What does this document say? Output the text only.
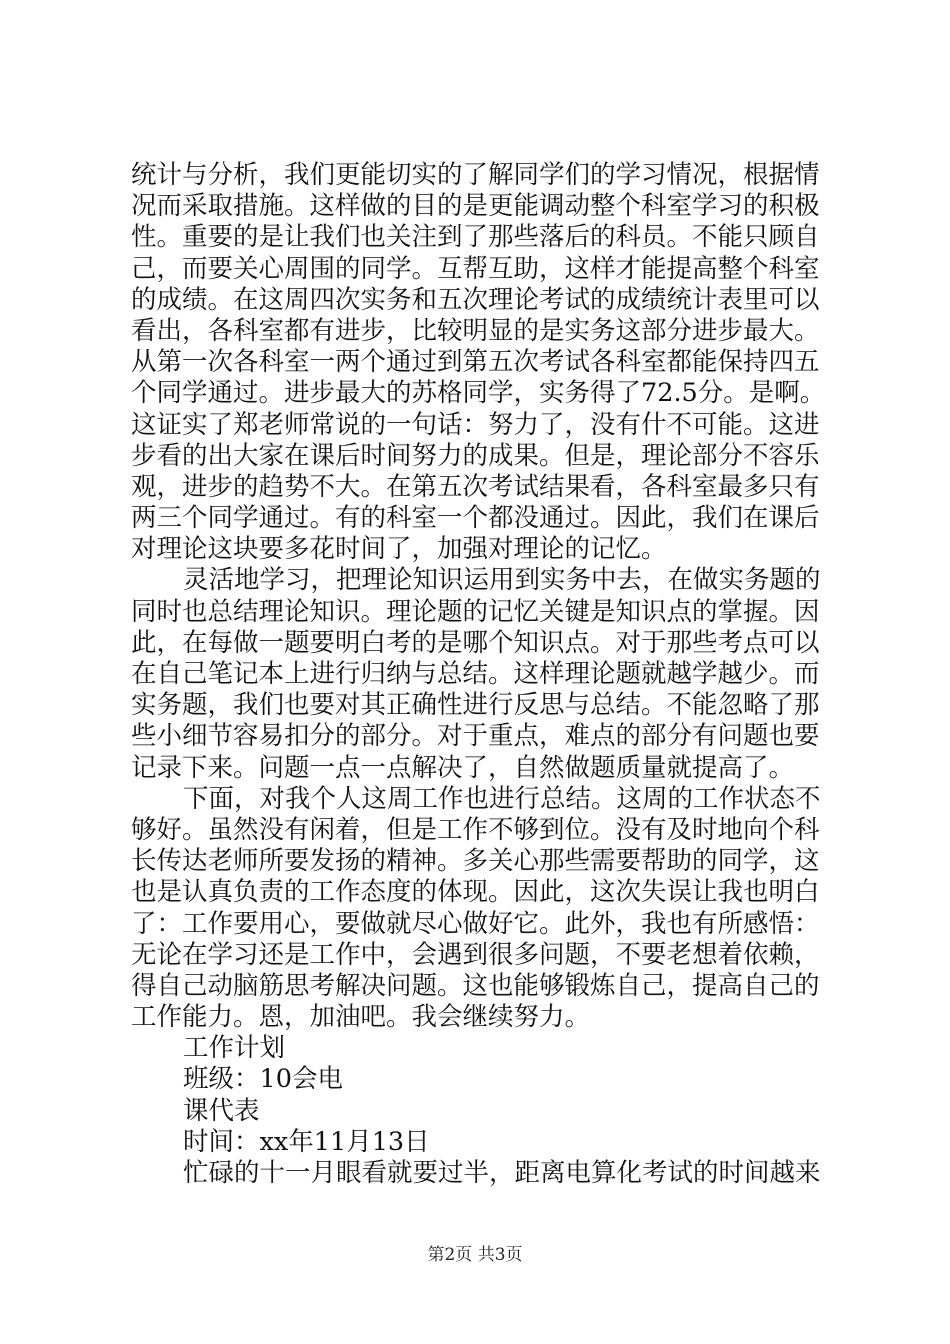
统计与分析，我们更能切实的了解同学们的学习情况，根据情
况而采取措施。这样做的目的是更能调动整个科室学习的积极
性。重要的是让我们也关注到了那些落后的科员。不能只顾自
己，而要关心周围的同学。互帮互助，这样才能提高整个科室
的成绩。在这周四次实务和五次理论考试的成绩统计表里可以
看出，各科室都有进步，比较明显的是实务这部分进步最大。
从第一次各科室一两个通过到第五次考试各科室都能保持四五
个同学通过。进步最大的苏格同学，实务得了72.5分。是啊。
这证实了郑老师常说的一句话：努力了，没有什不可能。这进
步看的出大家在课后时间努力的成果。但是，理论部分不容乐
观，进步的趋势不大。在第五次考试结果看，各科室最多只有
两三个同学通过。有的科室一个都没通过。因此，我们在课后
对理论这块要多花时间了，加强对理论的记忆。
灵活地学习，把理论知识运用到实务中去，在做实务题的
同时也总结理论知识。理论题的记忆关键是知识点的掌握。因
此，在每做一题要明白考的是哪个知识点。对于那些考点可以
在自己笔记本上进行归纳与总结。这样理论题就越学越少。而
实务题，我们也要对其正确性进行反思与总结。不能忽略了那
些小细节容易扣分的部分。对于重点，难点的部分有问题也要
记录下来。问题一点一点解决了，自然做题质量就提高了。
下面，对我个人这周工作也进行总结。这周的工作状态不
够好。虽然没有闲着，但是工作不够到位。没有及时地向个科
长传达老师所要发扬的精神。多关心那些需要帮助的同学，这
也是认真负责的工作态度的体现。因此，这次失误让我也明白
了：工作要用心，要做就尽心做好它。此外，我也有所感悟：
无论在学习还是工作中，会遇到很多问题，不要老想着依赖，
得自己动脑筋思考解决问题。这也能够锻炼自己，提高自己的
工作能力。恩，加油吧。我会继续努力。
工作计划
班级：10会电
课代表
时间：xx年11月13日
忙碌的十一月眼看就要过半，距离电算化考试的时间越来
第2页 共3页
